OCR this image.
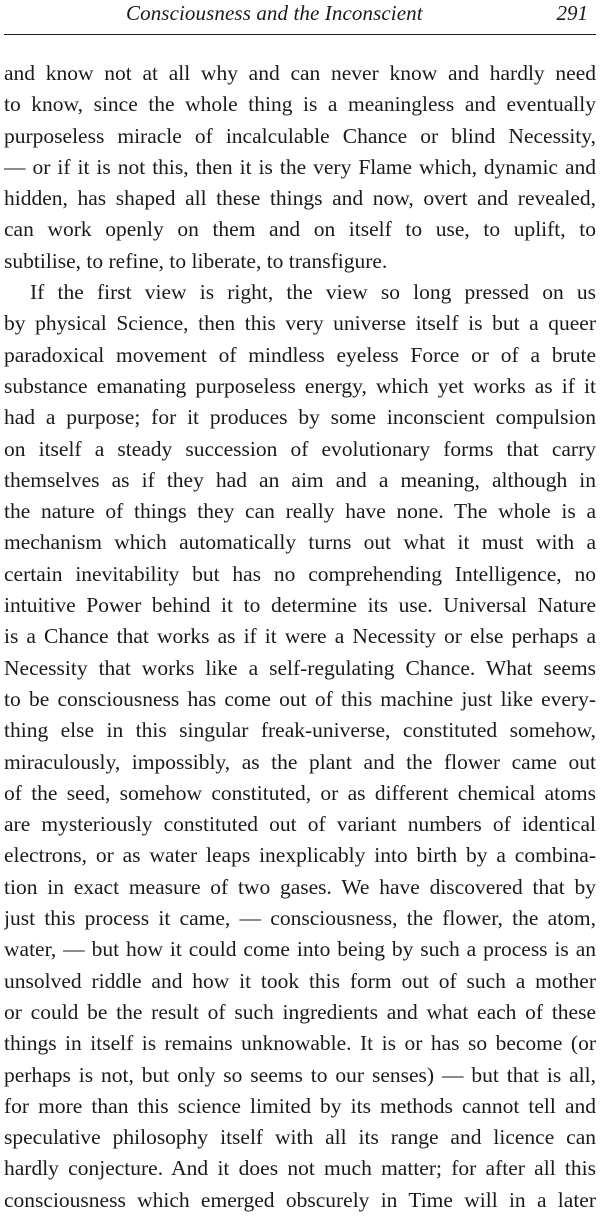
Consciousness and the Inconscient	291
and know not at all why and can never know and hardly need
to know, since the whole thing is a meaningless and eventually
purposeless miracle of incalculable Chance or blind Necessity,
— or if it is not this, then it is the very Flame which, dynamic and
hidden, has shaped all these things and now, overt and revealed,
can work openly on them and on itself to use, to uplift, to
subtilise, to refine, to liberate, to transfigure.
If the first view is right, the view so long pressed on us
by physical Science, then this very universe itself is but a queer
paradoxical movement of mindless eyeless Force or of a brute
substance emanating purposeless energy, which yet works as if it
had a purpose; for it produces by some inconscient compulsion
on itself a steady succession of evolutionary forms that carry
themselves as if they had an aim and a meaning, although in
the nature of things they can really have none. The whole is a
mechanism which automatically turns out what it must with a
certain inevitability but has no comprehending Intelligence, no
intuitive Power behind it to determine its use. Universal Nature
is a Chance that works as if it were a Necessity or else perhaps a
Necessity that works like a self-regulating Chance. What seems
to be consciousness has come out of this machine just like every-
thing else in this singular freak-universe, constituted somehow,
miraculously, impossibly, as the plant and the flower came out
of the seed, somehow constituted, or as different chemical atoms
are mysteriously constituted out of variant numbers of identical
electrons, or as water leaps inexplicably into birth by a combina-
tion in exact measure of two gases. We have discovered that by
just this process it came, — consciousness, the flower, the atom,
water, — but how it could come into being by such a process is an
unsolved riddle and how it took this form out of such a mother
or could be the result of such ingredients and what each of these
things in itself is remains unknowable. It is or has so become (or
perhaps is not, but only so seems to our senses) — but that is all,
for more than this science limited by its methods cannot tell and
speculative philosophy itself with all its range and licence can
hardly conjecture. And it does not much matter; for after all this
consciousness which emerged obscurely in Time will in a later
